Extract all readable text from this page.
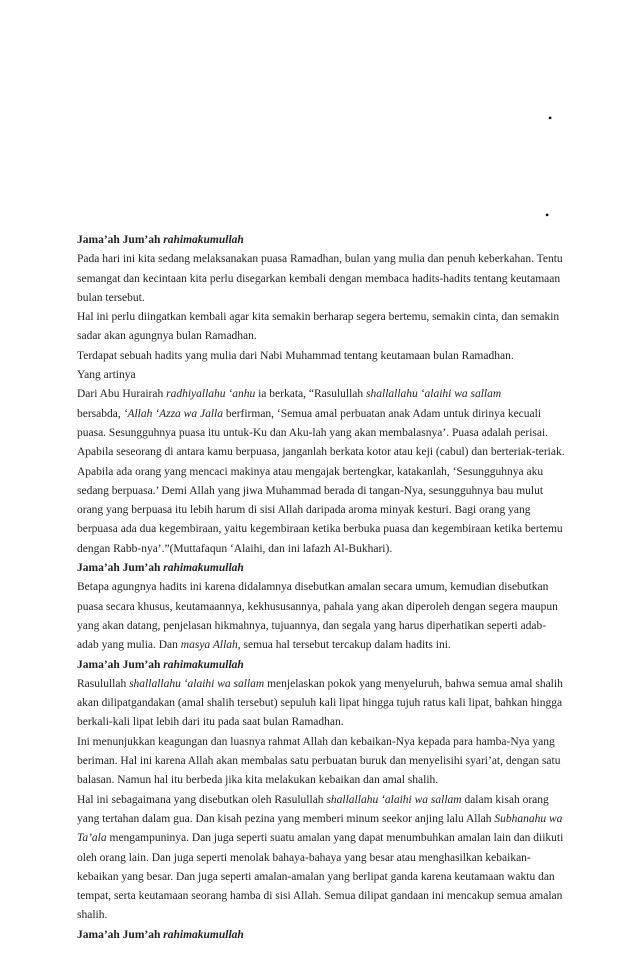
•
•
Jama’ah Jum’ah rahimakumullah
Pada hari ini kita sedang melaksanakan puasa Ramadhan, bulan yang mulia dan penuh keberkahan. Tentu
semangat dan kecintaan kita perlu disegarkan kembali dengan membaca hadits-hadits tentang keutamaan
bulan tersebut.
Hal ini perlu diingatkan kembali agar kita semakin berharap segera bertemu, semakin cinta, dan semakin
sadar akan agungnya bulan Ramadhan.
Terdapat sebuah hadits yang mulia dari Nabi Muhammad tentang keutamaan bulan Ramadhan.
Yang artinya
Dari Abu Hurairah radhiyallahu ‘anhu ia berkata, “Rasulullah shallallahu ‘alaihi wa sallam
bersabda, ‘Allah ‘Azza wa Jalla berfirman, ‘Semua amal perbuatan anak Adam untuk dirinya kecuali
puasa. Sesungguhnya puasa itu untuk-Ku dan Aku-lah yang akan membalasnya’. Puasa adalah perisai.
Apabila seseorang di antara kamu berpuasa, janganlah berkata kotor atau keji (cabul) dan berteriak-teriak.
Apabila ada orang yang mencaci makinya atau mengajak bertengkar, katakanlah, ‘Sesungguhnya aku
sedang berpuasa.’ Demi Allah yang jiwa Muhammad berada di tangan-Nya, sesungguhnya bau mulut
orang yang berpuasa itu lebih harum di sisi Allah daripada aroma minyak kesturi. Bagi orang yang
berpuasa ada dua kegembiraan, yaitu kegembiraan ketika berbuka puasa dan kegembiraan ketika bertemu
dengan Rabb-nya’.”(Muttafaqun ‘Alaihi, dan ini lafazh Al-Bukhari).
Jama’ah Jum’ah rahimakumullah
Betapa agungnya hadits ini karena didalamnya disebutkan amalan secara umum, kemudian disebutkan
puasa secara khusus, keutamaannya, kekhususannya, pahala yang akan diperoleh dengan segera maupun
yang akan datang, penjelasan hikmahnya, tujuannya, dan segala yang harus diperhatikan seperti adab-
adab yang mulia. Dan masya Allah, semua hal tersebut tercakup dalam hadits ini.
Jama’ah Jum’ah rahimakumullah
Rasulullah shallallahu ‘alaihi wa sallam menjelaskan pokok yang menyeluruh, bahwa semua amal shalih
akan dilipatgandakan (amal shalih tersebut) sepuluh kali lipat hingga tujuh ratus kali lipat, bahkan hingga
berkali-kali lipat lebih dari itu pada saat bulan Ramadhan.
Ini menunjukkan keagungan dan luasnya rahmat Allah dan kebaikan-Nya kepada para hamba-Nya yang
beriman. Hal ini karena Allah akan membalas satu perbuatan buruk dan menyelisihi syari’at, dengan satu
balasan. Namun hal itu berbeda jika kita melakukan kebaikan dan amal shalih.
Hal ini sebagaimana yang disebutkan oleh Rasulullah shallallahu ‘alaihi wa sallam dalam kisah orang
yang tertahan dalam gua. Dan kisah pezina yang memberi minum seekor anjing lalu Allah Subhanahu wa
Ta’ala mengampuninya. Dan juga seperti suatu amalan yang dapat menumbuhkan amalan lain dan diikuti
oleh orang lain. Dan juga seperti menolak bahaya-bahaya yang besar atau menghasilkan kebaikan-
kebaikan yang besar. Dan juga seperti amalan-amalan yang berlipat ganda karena keutamaan waktu dan
tempat, serta keutamaan seorang hamba di sisi Allah. Semua dilipat gandaan ini mencakup semua amalan
shalih.
Jama’ah Jum’ah rahimakumullah
